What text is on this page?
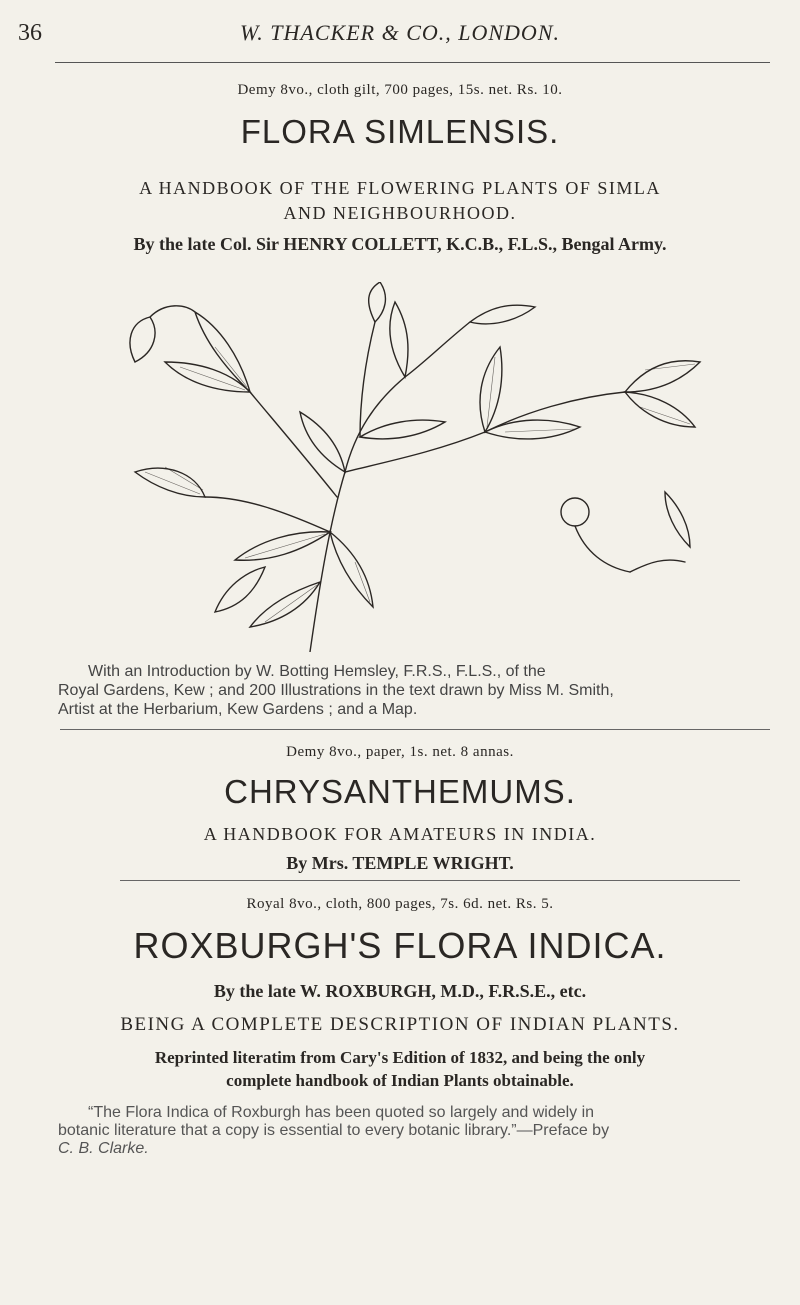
36	W. THACKER & CO., LONDON.
Demy 8vo., cloth gilt, 700 pages, 15s. net. Rs. 10.
FLORA SIMLENSIS.
A HANDBOOK OF THE FLOWERING PLANTS OF SIMLA
AND NEIGHBOURHOOD.
By the late Col. Sir HENRY COLLETT, K.C.B., F.L.S., Bengal Army.
With an Introduction by W. Botting Hemsley, F.R.S., F.L.S., of the
Royal Gardens, Kew ; and 200 Illustrations in the text drawn by Miss M. Smith,
Artist at the Herbarium, Kew Gardens ; and a Map.
Demy 8vo., paper, 1s. net. 8 annas.
CHRYSANTHEMUMS.
A HANDBOOK FOR AMATEURS IN INDIA.
By Mrs. TEMPLE WRIGHT.
Royal 8vo., cloth, 800 pages, 7s. 6d. net. Rs. 5.
ROXBURGH'S FLORA INDICA.
By the late W. ROXBURGH, M.D., F.R.S.E., etc.
BEING A COMPLETE DESCRIPTION OF INDIAN PLANTS.
Reprinted literatim from Cary's Edition of 1832, and being the only
complete handbook of Indian Plants obtainable.
“The Flora Indica of Roxburgh has been quoted so largely and widely in
botanic literature that a copy is essential to every botanic library.”—Preface by
C. B. Clarke.
